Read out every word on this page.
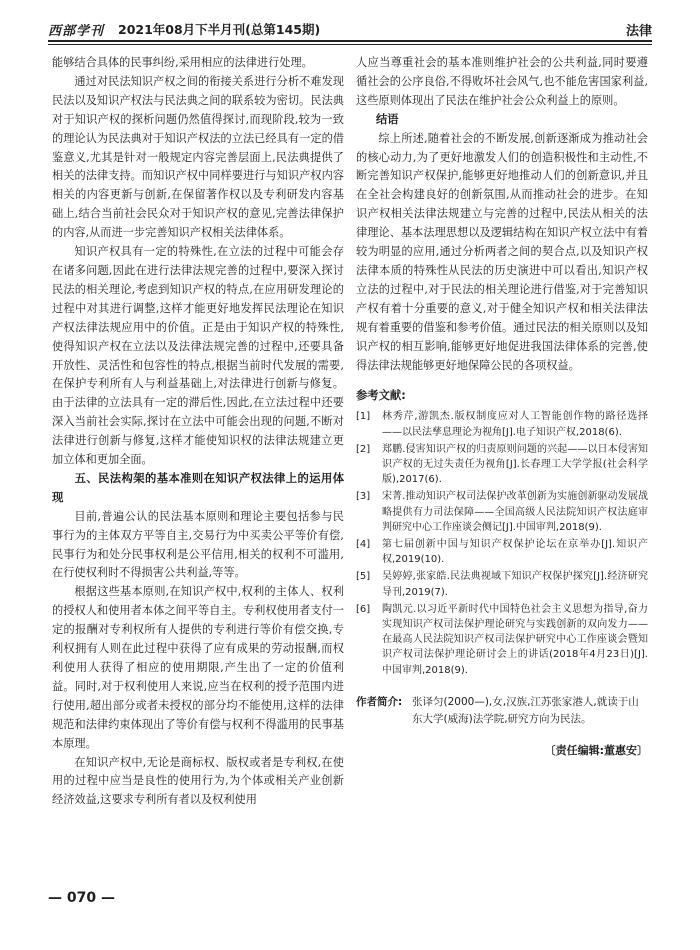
西部学刊 2021年08月下半月刊(总第145期)	法律

能够结合具体的民事纠纷,采用相应的法律进行处理。

通过对民法知识产权之间的衔接关系进行分析不难发现民法以及知识产权法与民法典之间的联系较为密切。民法典对于知识产权的探析问题仍然值得探讨,而现阶段,较为一致的理论认为民法典对于知识产权法的立法已经具有一定的借鉴意义,尤其是针对一般规定内容完善层面上,民法典提供了相关的法律支持。而知识产权中同样要进行与知识产权内容相关的内容更新与创新,在保留著作权以及专利研发内容基础上,结合当前社会民众对于知识产权的意见,完善法律保护的内容,从而进一步完善知识产权相关法律体系。

知识产权具有一定的特殊性,在立法的过程中可能会存在诸多问题,因此在进行法律法规完善的过程中,要深入探讨民法的相关理论,考虑到知识产权的特点,在应用研发理论的过程中对其进行调整,这样才能更好地发挥民法理论在知识产权法律法规应用中的价值。正是由于知识产权的特殊性,使得知识产权在立法以及法律法规完善的过程中,还要具备开放性、灵活性和包容性的特点,根据当前时代发展的需要,在保护专利所有人与利益基础上,对法律进行创新与修复。由于法律的立法具有一定的滞后性,因此,在立法过程中还要深入当前社会实际,探讨在立法中可能会出现的问题,不断对法律进行创新与修复,这样才能使知识权的法律法规建立更加立体和更加全面。

五、民法构架的基本准则在知识产权法律上的运用体现

目前,普遍公认的民法基本原则和理论主要包括参与民事行为的主体双方平等自主,交易行为中买卖公平等价有偿,民事行为和处分民事权利是公平信用,相关的权利不可滥用,在行使权利时不得损害公共利益,等等。

根据这些基本原则,在知识产权中,权利的主体人、权利的授权人和使用者本体之间平等自主。专利权使用者支付一定的报酬对专利权所有人提供的专利进行等价有偿交换,专利权拥有人则在此过程中获得了应有成果的劳动报酬,而权利使用人获得了相应的使用期限,产生出了一定的价值利益。同时,对于权利使用人来说,应当在权利的授予范围内进行使用,超出部分或者未授权的部分均不能使用,这样的法律规范和法律约束体现出了等价有偿与权利不得滥用的民事基本原理。

在知识产权中,无论是商标权、版权或者是专利权,在使用的过程中应当是良性的使用行为,为个体或相关产业创新经济效益,这要求专利所有者以及权利使用

人应当尊重社会的基本准则维护社会的公共利益,同时要遵循社会的公序良俗,不得败坏社会风气,也不能危害国家利益,这些原则体现出了民法在维护社会公众利益上的原则。

结语

综上所述,随着社会的不断发展,创新逐渐成为推动社会的核心动力,为了更好地激发人们的创造积极性和主动性,不断完善知识产权保护,能够更好地推动人们的创新意识,并且在全社会构建良好的创新氛围,从而推动社会的进步。在知识产权相关法律法规建立与完善的过程中,民法从相关的法律理论、基本法理思想以及逻辑结构在知识产权立法中有着较为明显的应用,通过分析两者之间的契合点,以及知识产权法律本质的特殊性从民法的历史演进中可以看出,知识产权立法的过程中,对于民法的相关理论进行借鉴,对于完善知识产权有着十分重要的意义,对于健全知识产权和相关法律法规有着重要的借鉴和参考价值。通过民法的相关原则以及知识产权的相互影响,能够更好地促进我国法律体系的完善,使得法律法规能够更好地保障公民的各项权益。

参考文献:
[1] 林秀芹,游凯杰.版权制度应对人工智能创作物的路径选择——以民法孳息理论为视角[J].电子知识产权,2018(6).
[2] 郑鹏.侵害知识产权的归责原则问题的兴起——以日本侵害知识产权的无过失责任为视角[J].长春理工大学学报(社会科学版),2017(6).
[3] 宋菁.推动知识产权司法保护改革创新为实施创新驱动发展战略提供有力司法保障——全国高级人民法院知识产权法庭审判研究中心工作座谈会侧记[J].中国审判,2018(9).
[4] 第七届创新中国与知识产权保护论坛在京举办[J].知识产权,2019(10).
[5] 吴婷婷,张家皓.民法典视域下知识产权保护探究[J].经济研究导刊,2019(7).
[6] 陶凯元.以习近平新时代中国特色社会主义思想为指导,奋力实现知识产权司法保护理论研究与实践创新的双向发力——在最高人民法院知识产权司法保护研究中心工作座谈会暨知识产权司法保护理论研讨会上的讲话(2018年4月23日)[J].中国审判,2018(9).
作者简介: 张译匀(2000—),女,汉族,江苏张家港人,就读于山东大学(威海)法学院,研究方向为民法。
〔责任编辑:董惠安〕
— 070 —
